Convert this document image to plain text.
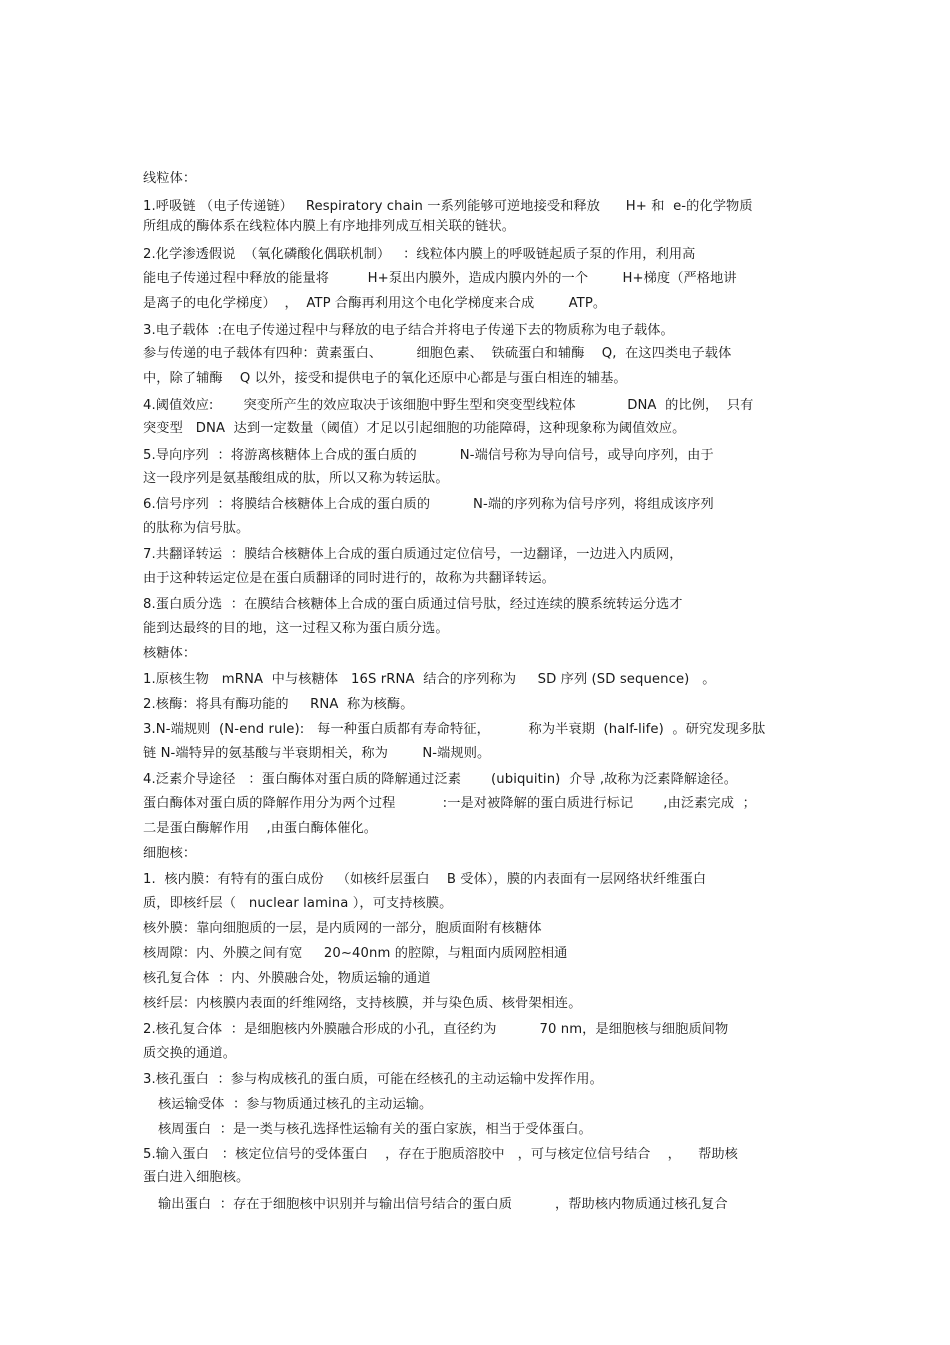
线粒体：
1.呼吸链 （电子传递链）   Respiratory chain 一系列能够可逆地接受和释放      H+ 和  e-的化学物质
所组成的酶体系在线粒体内膜上有序地排列成互相关联的链状。
2.化学渗透假说  （氧化磷酸化偶联机制）   ：线粒体内膜上的呼吸链起质子泵的作用，利用高
能电子传递过程中释放的能量将         H+泵出内膜外，造成内膜内外的一个        H+梯度（严格地讲
是离子的电化学梯度）  ，  ATP 合酶再利用这个电化学梯度来合成        ATP。
3.电子载体  :在电子传递过程中与释放的电子结合并将电子传递下去的物质称为电子载体。
参与传递的电子载体有四种：黄素蛋白、        细胞色素、  铁硫蛋白和辅酶    Q,  在这四类电子载体
中，除了辅酶    Q 以外，接受和提供电子的氧化还原中心都是与蛋白相连的辅基。
4.阈值效应:       突变所产生的效应取决于该细胞中野生型和突变型线粒体            DNA  的比例，  只有
突变型   DNA  达到一定数量（阈值）才足以引起细胞的功能障碍，这种现象称为阈值效应。
5.导向序列  ：将游离核糖体上合成的蛋白质的          N-端信号称为导向信号，或导向序列，由于
这一段序列是氨基酸组成的肽，所以又称为转运肽。
6.信号序列  ：将膜结合核糖体上合成的蛋白质的          N-端的序列称为信号序列，将组成该序列
的肽称为信号肽。
7.共翻译转运  ：膜结合核糖体上合成的蛋白质通过定位信号，一边翻译，一边进入内质网，
由于这种转运定位是在蛋白质翻译的同时进行的，故称为共翻译转运。
8.蛋白质分选  ：在膜结合核糖体上合成的蛋白质通过信号肽，经过连续的膜系统转运分选才
能到达最终的目的地，这一过程又称为蛋白质分选。
核糖体：
1.原核生物   mRNA  中与核糖体   16S rRNA  结合的序列称为     SD 序列 (SD sequence)   。
2.核酶：将具有酶功能的     RNA  称为核酶。
3.N-端规则  (N-end rule):   每一种蛋白质都有寿命特征，         称为半衰期  (half-life)  。研究发现多肽
链 N-端特异的氨基酸与半衰期相关，称为        N-端规则。
4.泛素介导途径   ：蛋白酶体对蛋白质的降解通过泛素       (ubiquitin)  介导 ,故称为泛素降解途径。
蛋白酶体对蛋白质的降解作用分为两个过程           :一是对被降解的蛋白质进行标记       ,由泛素完成  ；
二是蛋白酶解作用    ,由蛋白酶体催化。
细胞核：
1.  核内膜：有特有的蛋白成份   （如核纤层蛋白    B 受体），膜的内表面有一层网络状纤维蛋白
质，即核纤层（   nuclear lamina ），可支持核膜。
核外膜：靠向细胞质的一层，是内质网的一部分，胞质面附有核糖体
核周隙：内、外膜之间有宽     20~40nm 的腔隙，与粗面内质网腔相通
核孔复合体  ：内、外膜融合处，物质运输的通道
核纤层：内核膜内表面的纤维网络，支持核膜，并与染色质、核骨架相连。
2.核孔复合体  ：是细胞核内外膜融合形成的小孔，直径约为          70 nm，是细胞核与细胞质间物
质交换的通道。
3.核孔蛋白  ：参与构成核孔的蛋白质，可能在经核孔的主动运输中发挥作用。
核运输受体  ：参与物质通过核孔的主动运输。
核周蛋白  ：是一类与核孔选择性运输有关的蛋白家族，相当于受体蛋白。
5.输入蛋白   ：核定位信号的受体蛋白    ，存在于胞质溶胶中   ，可与核定位信号结合    ，    帮助核
蛋白进入细胞核。
输出蛋白  ：存在于细胞核中识别并与输出信号结合的蛋白质          ，帮助核内物质通过核孔复合
